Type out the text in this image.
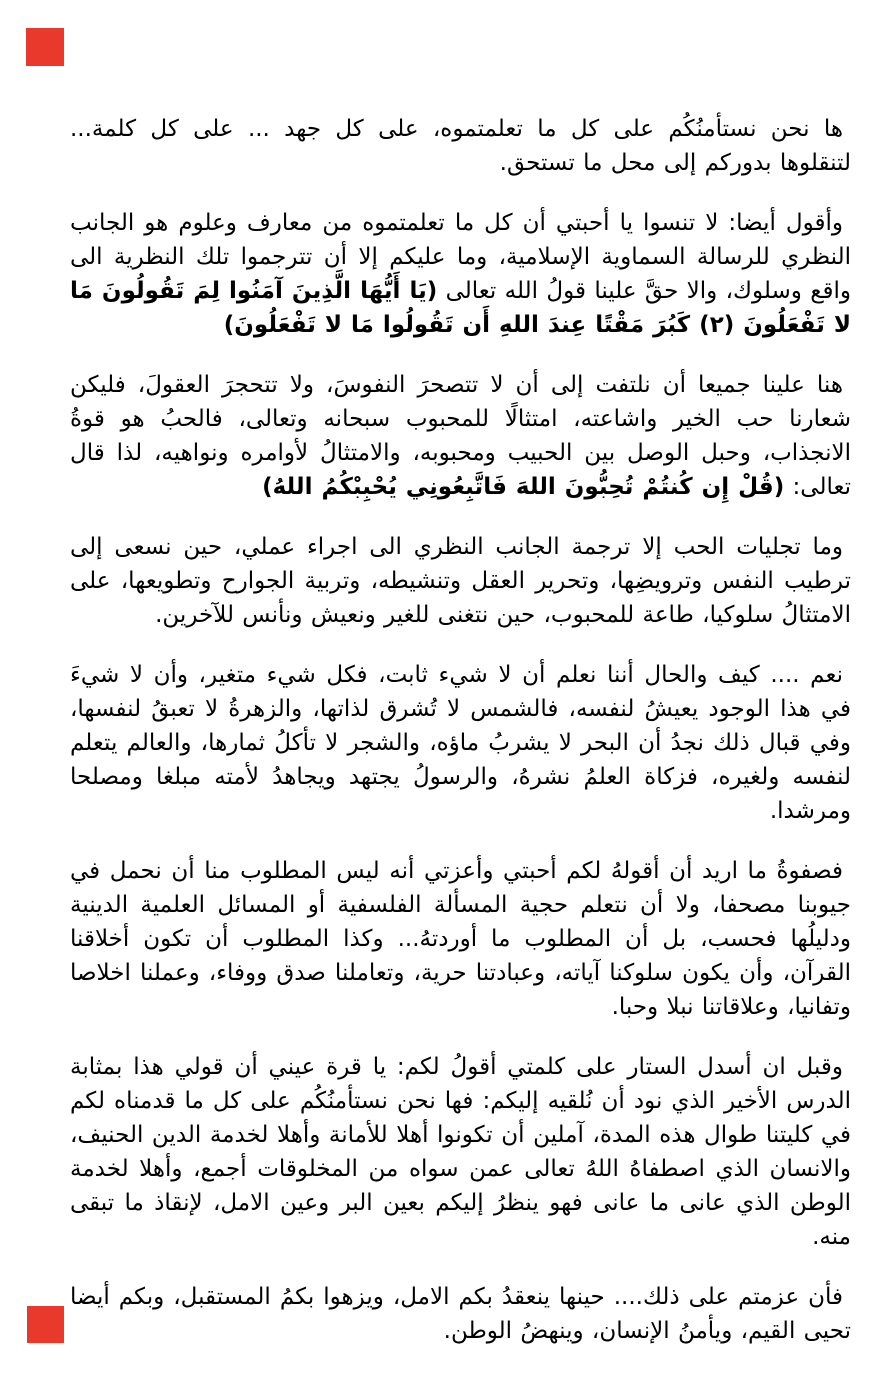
ها نحن نستأمنُكُم على كل ما تعلمتموه، على كل جهد ... على كل كلمة... لتنقلوها بدوركم إلى محل ما تستحق.

وأقول أيضا: لا تنسوا يا أحبتي أن كل ما تعلمتموه من معارف وعلوم هو الجانب النظري للرسالة السماوية الإسلامية، وما عليكم إلا أن تترجموا تلك النظرية الى واقع وسلوك، والا حقَّ علينا قولُ الله تعالى (يَا أَيُّهَا الَّذِينَ آمَنُوا لِمَ تَقُولُونَ مَا لا تَفْعَلُونَ (٢) كَبُرَ مَقْتًا عِندَ اللهِ أَن تَقُولُوا مَا لا تَفْعَلُونَ)

هنا علينا جميعا أن نلتفت إلى أن لا تتصحرَ النفوسَ، ولا تتحجرَ العقولَ، فليكن شعارنا حب الخير واشاعته، امتثالًا للمحبوب سبحانه وتعالى، فالحبُ هو قوةُ الانجذاب، وحبل الوصل بين الحبيب ومحبوبه، والامتثالُ لأوامره ونواهيه، لذا قال تعالى: (قُلْ إِن كُنتُمْ تُحِبُّونَ اللهَ فَاتَّبِعُونِي يُحْبِبْكُمُ اللهُ)

وما تجليات الحب إلا ترجمة الجانب النظري الى اجراء عملي، حين نسعى إلى ترطيب النفس وترويضِها، وتحرير العقل وتنشيطه، وتربية الجوارح وتطويعها، على الامتثالُ سلوكيا، طاعة للمحبوب، حين نتغنى للغير ونعيش ونأنس للآخرين.

نعم .... كيف والحال أننا نعلم أن لا شيء ثابت، فكل شيء متغير، وأن لا شيءَ في هذا الوجود يعيشُ لنفسه، فالشمس لا تُشرق لذاتها، والزهرةُ لا تعبقُ لنفسها، وفي قبال ذلك نجدُ أن البحر لا يشربُ ماؤه، والشجر لا تأكلُ ثمارها، والعالم يتعلم لنفسه ولغيره، فزكاة العلمُ نشرهُ، والرسولُ يجتهد ويجاهدُ لأمته مبلغا ومصلحا ومرشدا.

فصفوةُ ما اريد أن أقولهُ لكم أحبتي وأعزتي أنه ليس المطلوب منا أن نحمل في جيوبنا مصحفا، ولا أن نتعلم حجية المسألة الفلسفية أو المسائل العلمية الدينية ودليلُها فحسب، بل أن المطلوب ما أوردتهُ... وكذا المطلوب أن تكون أخلاقنا القرآن، وأن يكون سلوكنا آياته، وعبادتنا حرية، وتعاملنا صدق ووفاء، وعملنا اخلاصا وتفانيا، وعلاقاتنا نبلا وحبا.

وقبل ان أسدل الستار على كلمتي أقولُ لكم: يا قرة عيني أن قولي هذا بمثابة الدرس الأخير الذي نود أن نُلقيه إليكم: فها نحن نستأمنُكُم على كل ما قدمناه لكم في كليتنا طوال هذه المدة، آملين أن تكونوا أهلا للأمانة وأهلا لخدمة الدين الحنيف، والانسان الذي اصطفاهُ اللهُ تعالى عمن سواه من المخلوقات أجمع، وأهلا لخدمة الوطن الذي عانى ما عانى فهو ينظرُ إليكم بعين البر وعين الامل، لإنقاذ ما تبقى منه.

فأن عزمتم على ذلك.... حينها ينعقدُ بكم الامل، ويزهوا بكمُ المستقبل، وبكم أيضا تحيى القيم، ويأمنُ الإنسان، وينهضُ الوطن.
